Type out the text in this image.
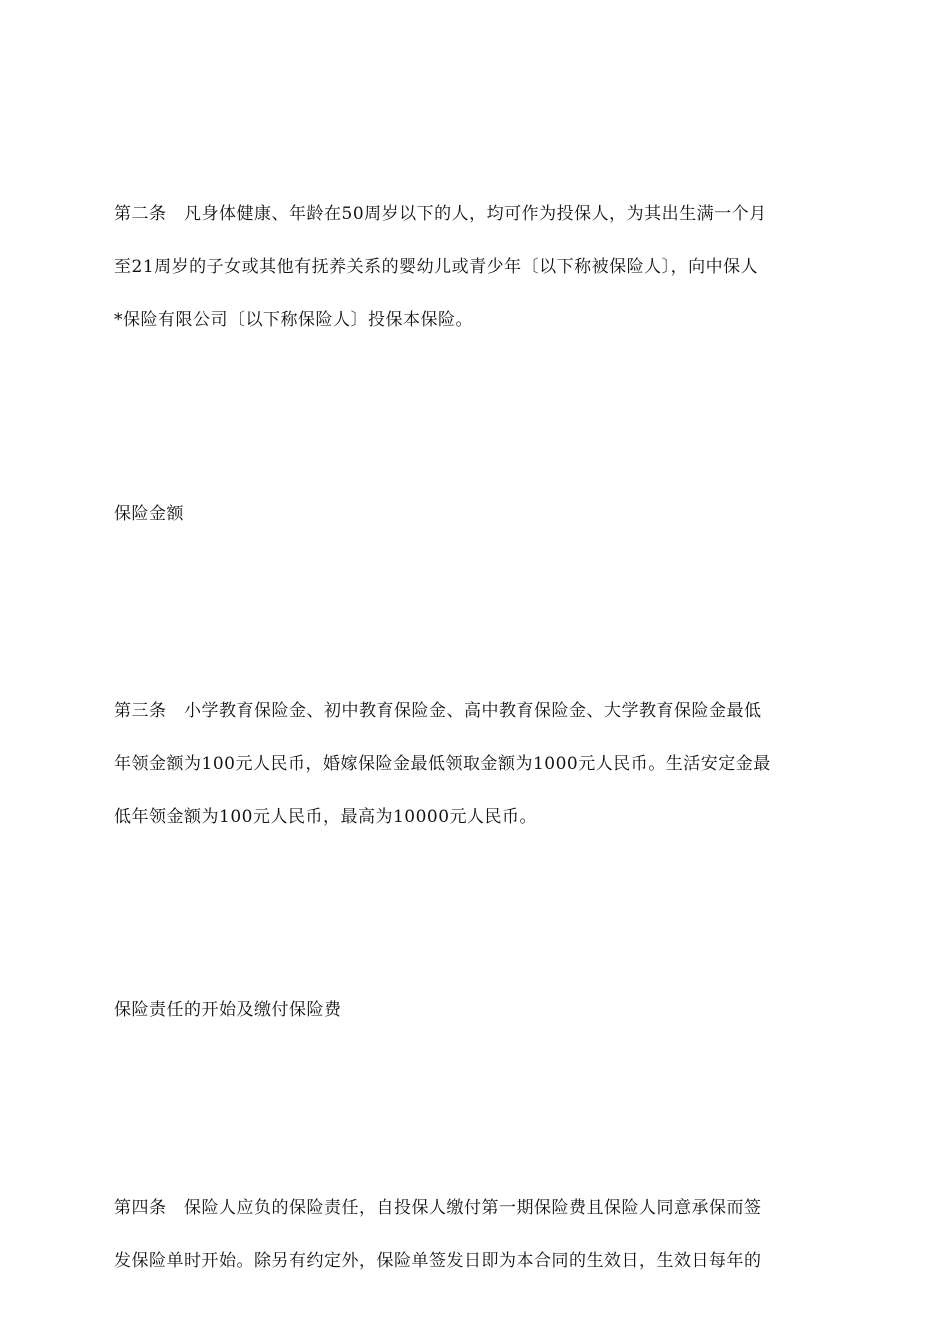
第二条　凡身体健康、年龄在50周岁以下的人，均可作为投保人，为其出生满一个月
至21周岁的子女或其他有抚养关系的婴幼儿或青少年〔以下称被保险人〕，向中保人
*保险有限公司〔以下称保险人〕投保本保险。
保险金额
第三条　小学教育保险金、初中教育保险金、高中教育保险金、大学教育保险金最低
年领金额为100元人民币，婚嫁保险金最低领取金额为1000元人民币。生活安定金最
低年领金额为100元人民币，最高为10000元人民币。
保险责任的开始及缴付保险费
第四条　保险人应负的保险责任，自投保人缴付第一期保险费且保险人同意承保而签
发保险单时开始。除另有约定外，保险单签发日即为本合同的生效日，生效日每年的
